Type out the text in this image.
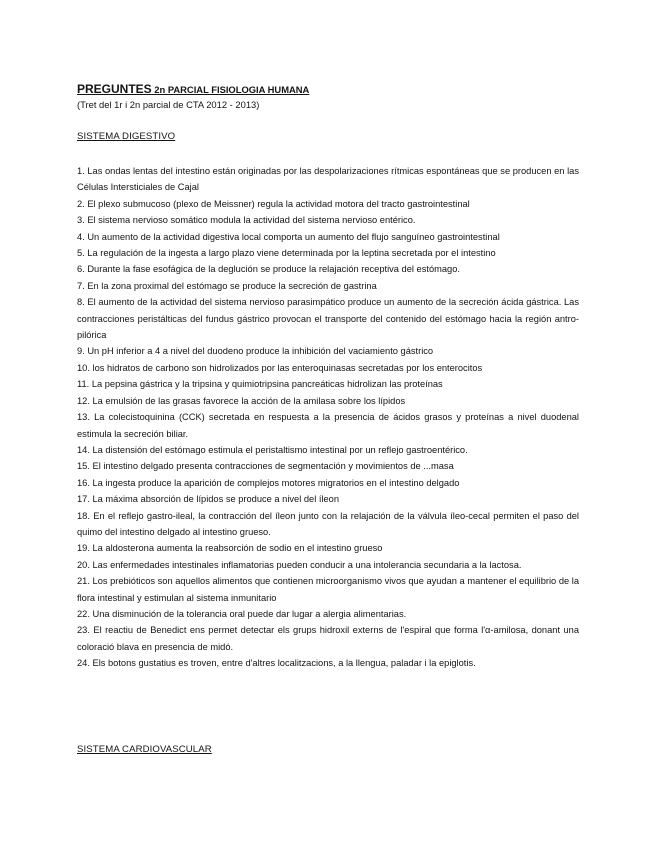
PREGUNTES 2n PARCIAL FISIOLOGIA HUMANA
(Tret del 1r i 2n parcial de CTA 2012 - 2013)
SISTEMA DIGESTIVO
1. Las ondas lentas del intestino están originadas por las despolarizaciones rítmicas espontáneas que se producen en las Células Intersticiales de Cajal
2. El plexo submucoso (plexo de Meissner) regula la actividad motora del tracto gastrointestinal
3. El sistema nervioso somático modula la actividad del sistema nervioso entérico.
4. Un aumento de la actividad digestiva local comporta un aumento del flujo sanguíneo gastrointestinal
5. La regulación de la ingesta a largo plazo viene determinada por la leptina secretada por el intestino
6. Durante la fase esofágica de la deglución se produce la relajación receptiva del estómago.
7. En la zona proximal del estómago se produce la secreción de gastrina
8. El aumento de la actividad del sistema nervioso parasimpático produce un aumento de la secreción ácida gástrica. Las contracciones peristálticas del fundus gástrico provocan el transporte del contenido del estómago hacia la región antro-pilórica
9. Un pH inferior a 4 a nivel del duodeno produce la inhibición del vaciamiento gástrico
10. los hidratos de carbono son hidrolizados por las enteroquinasas secretadas por los enterocitos
11. La pepsina gástrica y la tripsina y quimiotripsina pancreáticas hidrolizan las proteínas
12. La emulsión de las grasas favorece la acción de la amilasa sobre los lípidos
13. La colecistoquinina (CCK) secretada en respuesta a la presencia de ácidos grasos y proteínas a nivel duodenal estimula la secreción biliar.
14. La distensión del estómago estimula el peristaltismo intestinal por un reflejo gastroentérico.
15. El intestino delgado presenta contracciones de segmentación y movimientos de ...masa
16. La ingesta produce la aparición de complejos motores migratorios en el intestino delgado
17. La máxima absorción de lípidos se produce a nivel del íleon
18. En el reflejo gastro-ileal, la contracción del íleon junto con la relajación de la válvula íleo-cecal permiten el paso del quimo del intestino delgado al intestino grueso.
19. La aldosterona aumenta la reabsorción de sodio en el intestino grueso
20. Las enfermedades intestinales inflamatorias pueden conducir a una intolerancia secundaria a la lactosa.
21. Los prebióticos son aquellos alimentos que contienen microorganismo vivos que ayudan a mantener el equilibrio de la flora intestinal y estimulan al sistema inmunitario
22. Una disminución de la tolerancia oral puede dar lugar a alergia alimentarias.
23. El reactiu de Benedict ens permet detectar els grups hidroxil externs de l'espiral que forma l'α-amilosa, donant una coloració blava en presencia de midó.
24. Els botons gustatius es troven, entre d'altres localitzacions, a la llengua, paladar i la epiglotis.
SISTEMA CARDIOVASCULAR
